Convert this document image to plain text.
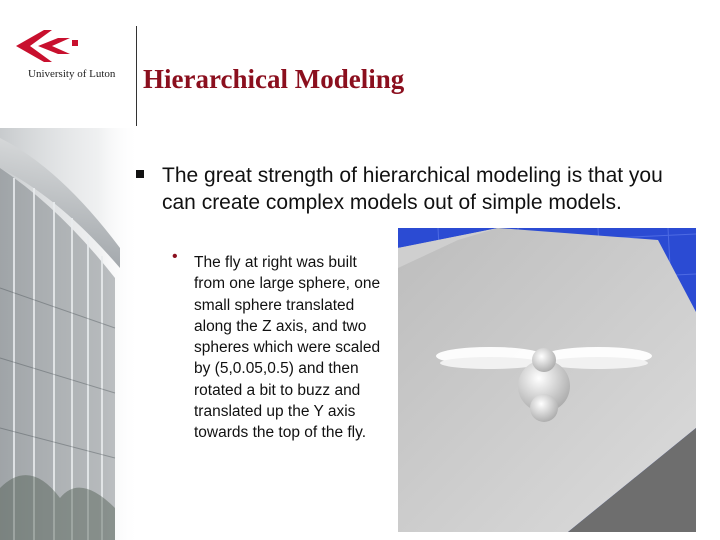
University of Luton Hierarchical Modeling
The great strength of hierarchical modeling is that you can create complex models out of simple models.
• The fly at right was built from one large sphere, one small sphere translated along the Z axis, and two spheres which were scaled by (5,0.05,0.5) and then rotated a bit to buzz and translated up the Y axis towards the top of the fly.
